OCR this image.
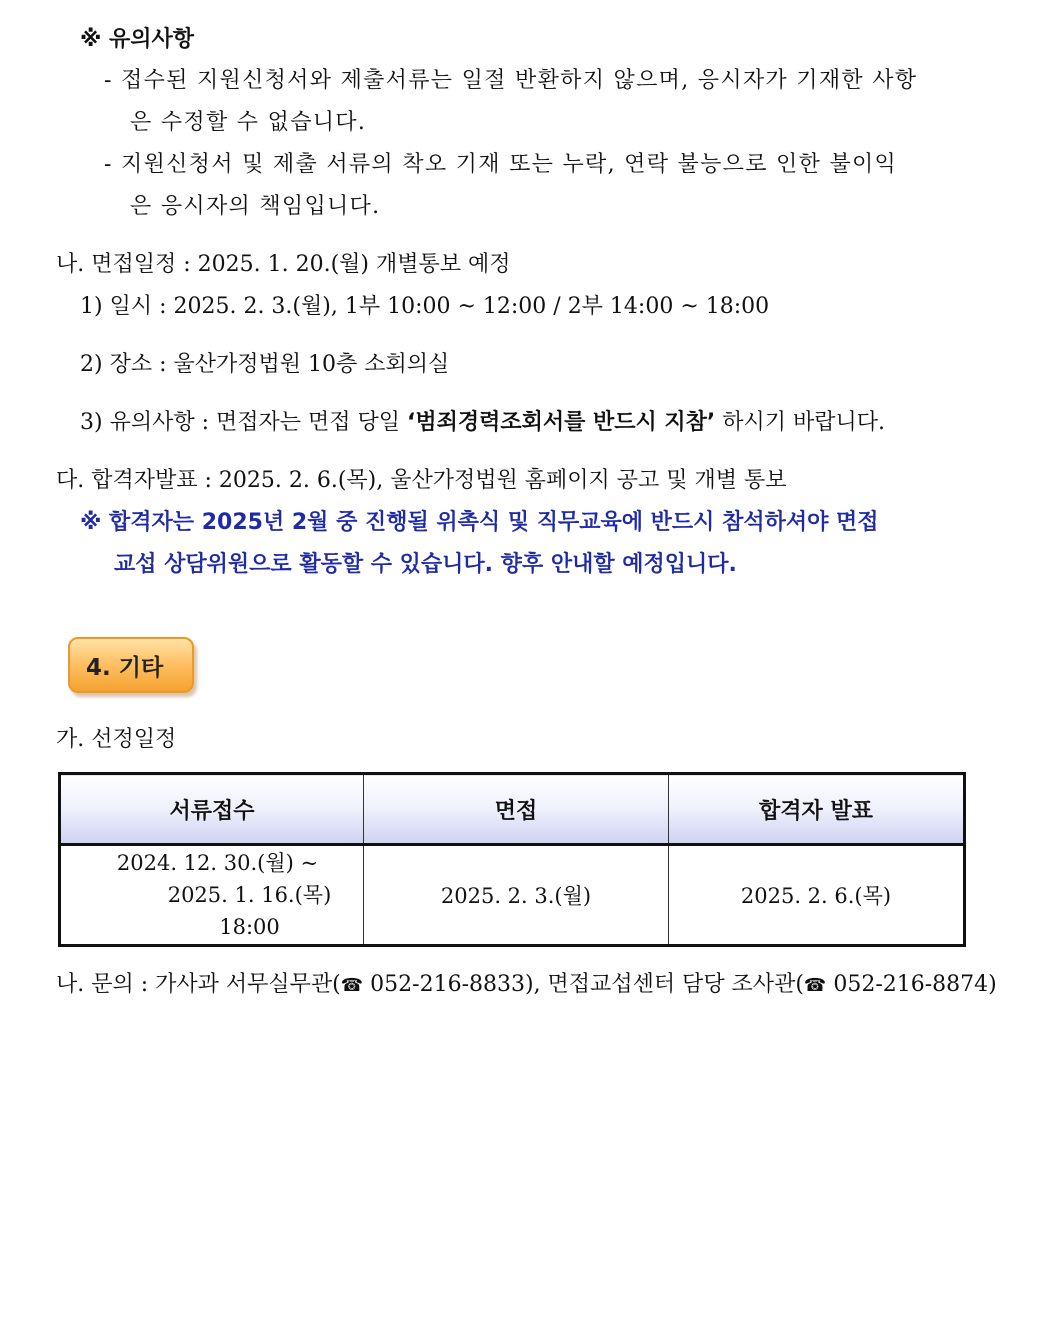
※ 유의사항
- 접수된 지원신청서와 제출서류는 일절 반환하지 않으며, 응시자가 기재한 사항
은 수정할 수 없습니다.
- 지원신청서 및 제출 서류의 착오 기재 또는 누락, 연락 불능으로 인한 불이익
은 응시자의 책임입니다.
나. 면접일정 : 2025. 1. 20.(월) 개별통보 예정
1) 일시 : 2025. 2. 3.(월), 1부 10:00 ~ 12:00 / 2부 14:00 ~ 18:00
2) 장소 : 울산가정법원 10층 소회의실
3) 유의사항 : 면접자는 면접 당일 ‘범죄경력조회서를 반드시 지참’ 하시기 바랍니다.
다. 합격자발표 : 2025. 2. 6.(목), 울산가정법원 홈페이지 공고 및 개별 통보
※ 합격자는 2025년 2월 중 진행될 위촉식 및 직무교육에 반드시 참석하셔야 면접
교섭 상담위원으로 활동할 수 있습니다. 향후 안내할 예정입니다.
4. 기타
가. 선정일정
서류접수	면접	합격자 발표
2024. 12. 30.(월) ~
2025. 1. 16.(목) 18:00	2025. 2. 3.(월)	2025. 2. 6.(목)
나. 문의 : 가사과 서무실무관(☎ 052-216-8833), 면접교섭센터 담당 조사관(☎ 052-216-8874)
